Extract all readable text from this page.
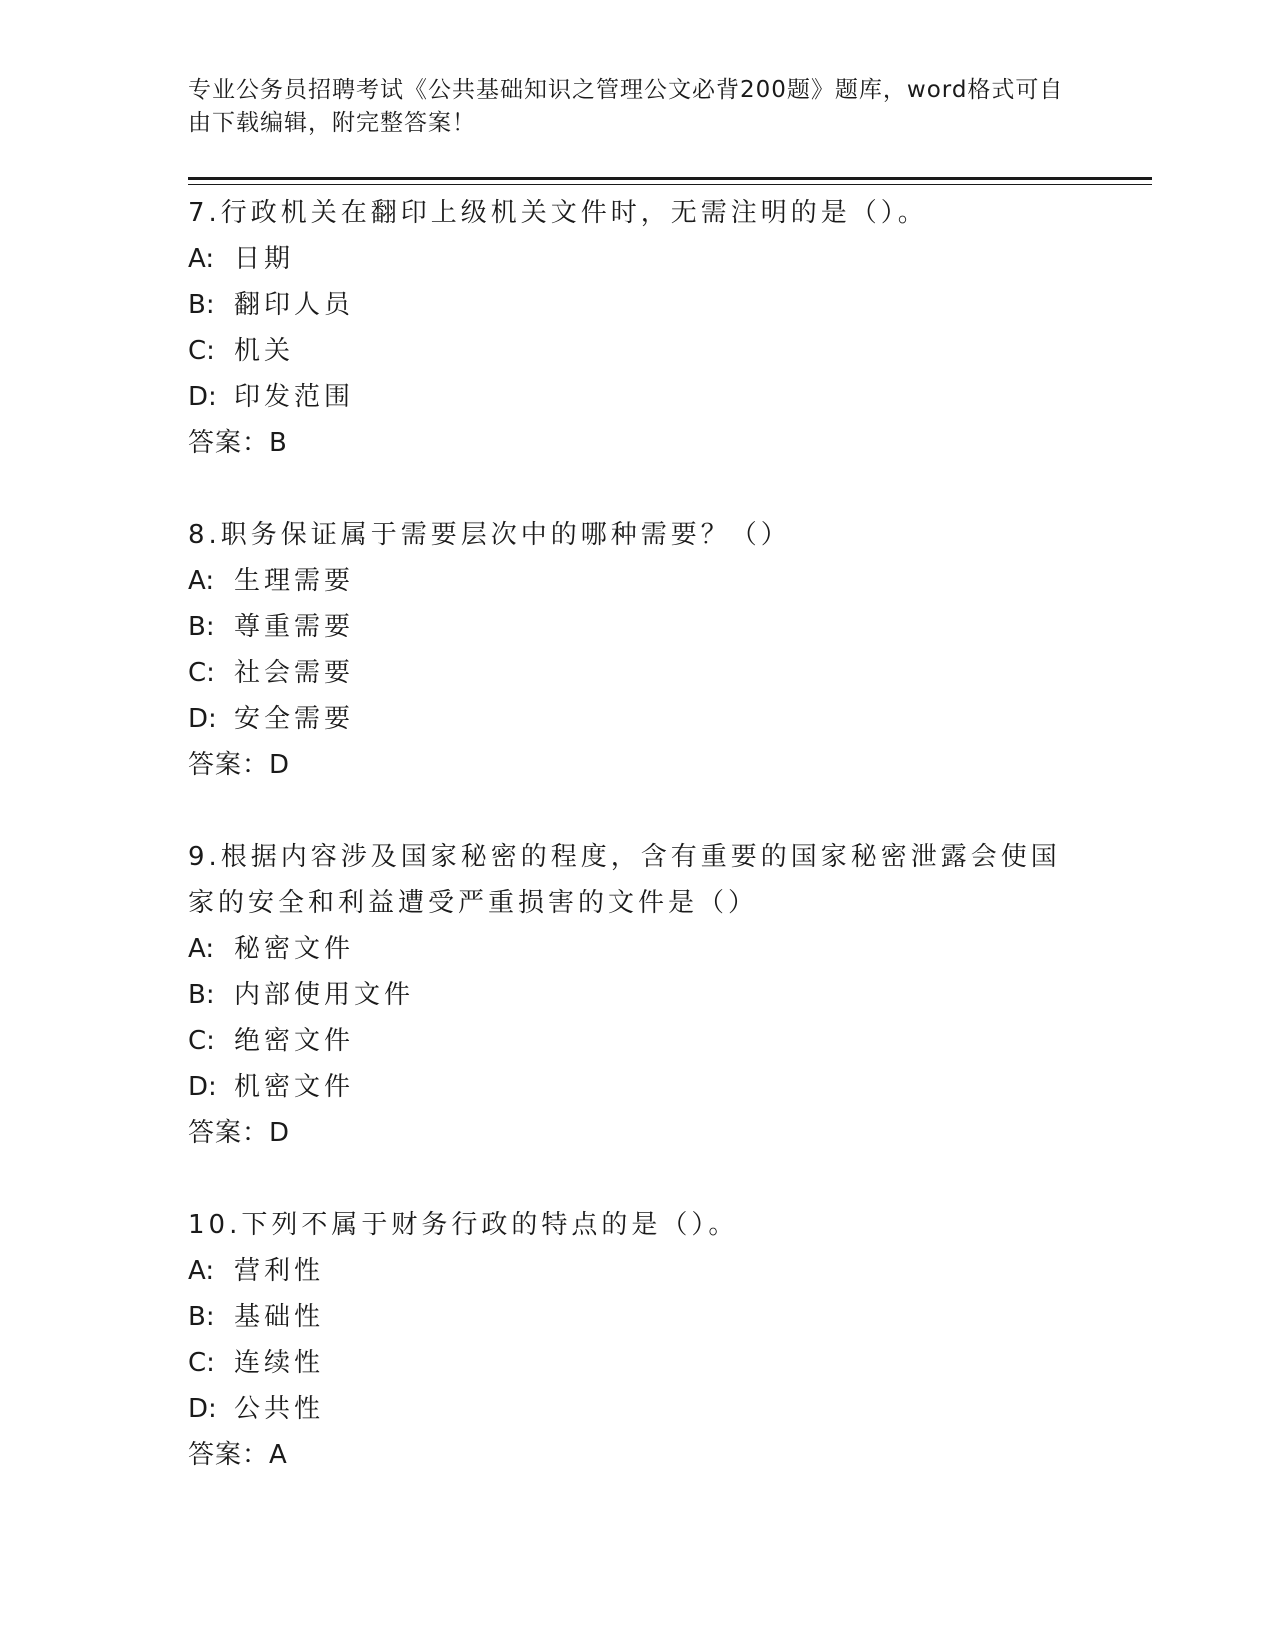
专业公务员招聘考试《公共基础知识之管理公文必背200题》题库，word格式可自由下载编辑，附完整答案！
7.行政机关在翻印上级机关文件时，无需注明的是（）。
A: 日期
B: 翻印人员
C: 机关
D: 印发范围
答案：B
8.职务保证属于需要层次中的哪种需要？（）
A: 生理需要
B: 尊重需要
C: 社会需要
D: 安全需要
答案：D
9.根据内容涉及国家秘密的程度，含有重要的国家秘密泄露会使国家的安全和利益遭受严重损害的文件是（）
A: 秘密文件
B: 内部使用文件
C: 绝密文件
D: 机密文件
答案：D
10.下列不属于财务行政的特点的是（）。
A: 营利性
B: 基础性
C: 连续性
D: 公共性
答案：A
